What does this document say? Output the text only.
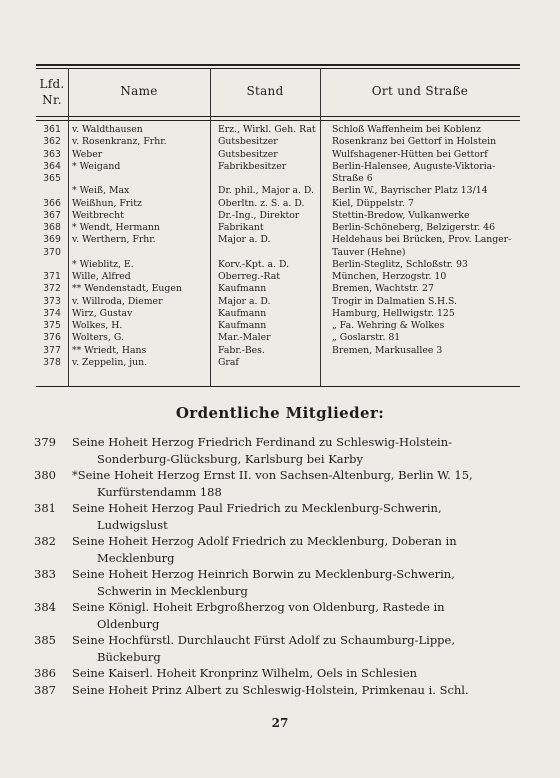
Lfd.
Nr.
Name	Stand	Ort und Straße
361	v. Waldthausen	Erz., Wirkl. Geh. Rat	Schloß Waffenheim bei Koblenz
362	v. Rosenkranz, Frhr.	Gutsbesitzer	Rosenkranz bei Gettorf in Holstein
363	Weber	Gutsbesitzer	Wulfshagener-Hütten bei Gettorf
364	* Weigand	Fabrikbesitzer	Berlin-Halensee, Auguste-Viktoria-
365			Straße 6
	* Weiß, Max	Dr. phil., Major a. D.	Berlin W., Bayrischer Platz 13/14
366	Weißhun, Fritz	Oberltn. z. S. a. D.	Kiel, Düppelstr. 7
367	Weitbrecht	Dr.-Ing., Direktor	Stettin-Bredow, Vulkanwerke
368	* Wendt, Hermann	Fabrikant	Berlin-Schöneberg, Belzigerstr. 46
369	v. Werthern, Frhr.	Major a. D.	Heldehaus bei Brücken, Prov. Langer-
370			Tauver (Hehne)
	* Wieblitz, E.	Korv.-Kpt. a. D.	Berlin-Steglitz, Schloßstr. 93
371	Wille, Alfred	Oberreg.-Rat	München, Herzogstr. 10
372	** Wendenstadt, Eugen	Kaufmann	Bremen, Wachtstr. 27
373	v. Willroda, Diemer	Major a. D.	Trogir in Dalmatien S.H.S.
374	Wirz, Gustav	Kaufmann	Hamburg, Hellwigstr. 125
375	Wolkes, H.	Kaufmann	„ Fa. Wehring & Wolkes
376	Wolters, G.	Mar.-Maler	„ Goslarstr. 81
377	** Wriedt, Hans	Fabr.-Bes.	Bremen, Markusallee 3
378	v. Zeppelin, jun.	Graf	
Ordentliche Mitglieder:
379	Seine Hoheit Herzog Friedrich Ferdinand zu Schleswig-Holstein-
Sonderburg-Glücksburg, Karlsburg bei Karby
380	*Seine Hoheit Herzog Ernst II. von Sachsen-Altenburg, Berlin W. 15,
Kurfürstendamm 188
381	Seine Hoheit Herzog Paul Friedrich zu Mecklenburg-Schwerin,
Ludwigslust
382	Seine Hoheit Herzog Adolf Friedrich zu Mecklenburg, Doberan in
Mecklenburg
383	Seine Hoheit Herzog Heinrich Borwin zu Mecklenburg-Schwerin,
Schwerin in Mecklenburg
384	Seine Königl. Hoheit Erbgroßherzog von Oldenburg, Rastede in
Oldenburg
385	Seine Hochfürstl. Durchlaucht Fürst Adolf zu Schaumburg-Lippe,
Bückeburg
386	Seine Kaiserl. Hoheit Kronprinz Wilhelm, Oels in Schlesien
387	Seine Hoheit Prinz Albert zu Schleswig-Holstein, Primkenau i. Schl.
27
